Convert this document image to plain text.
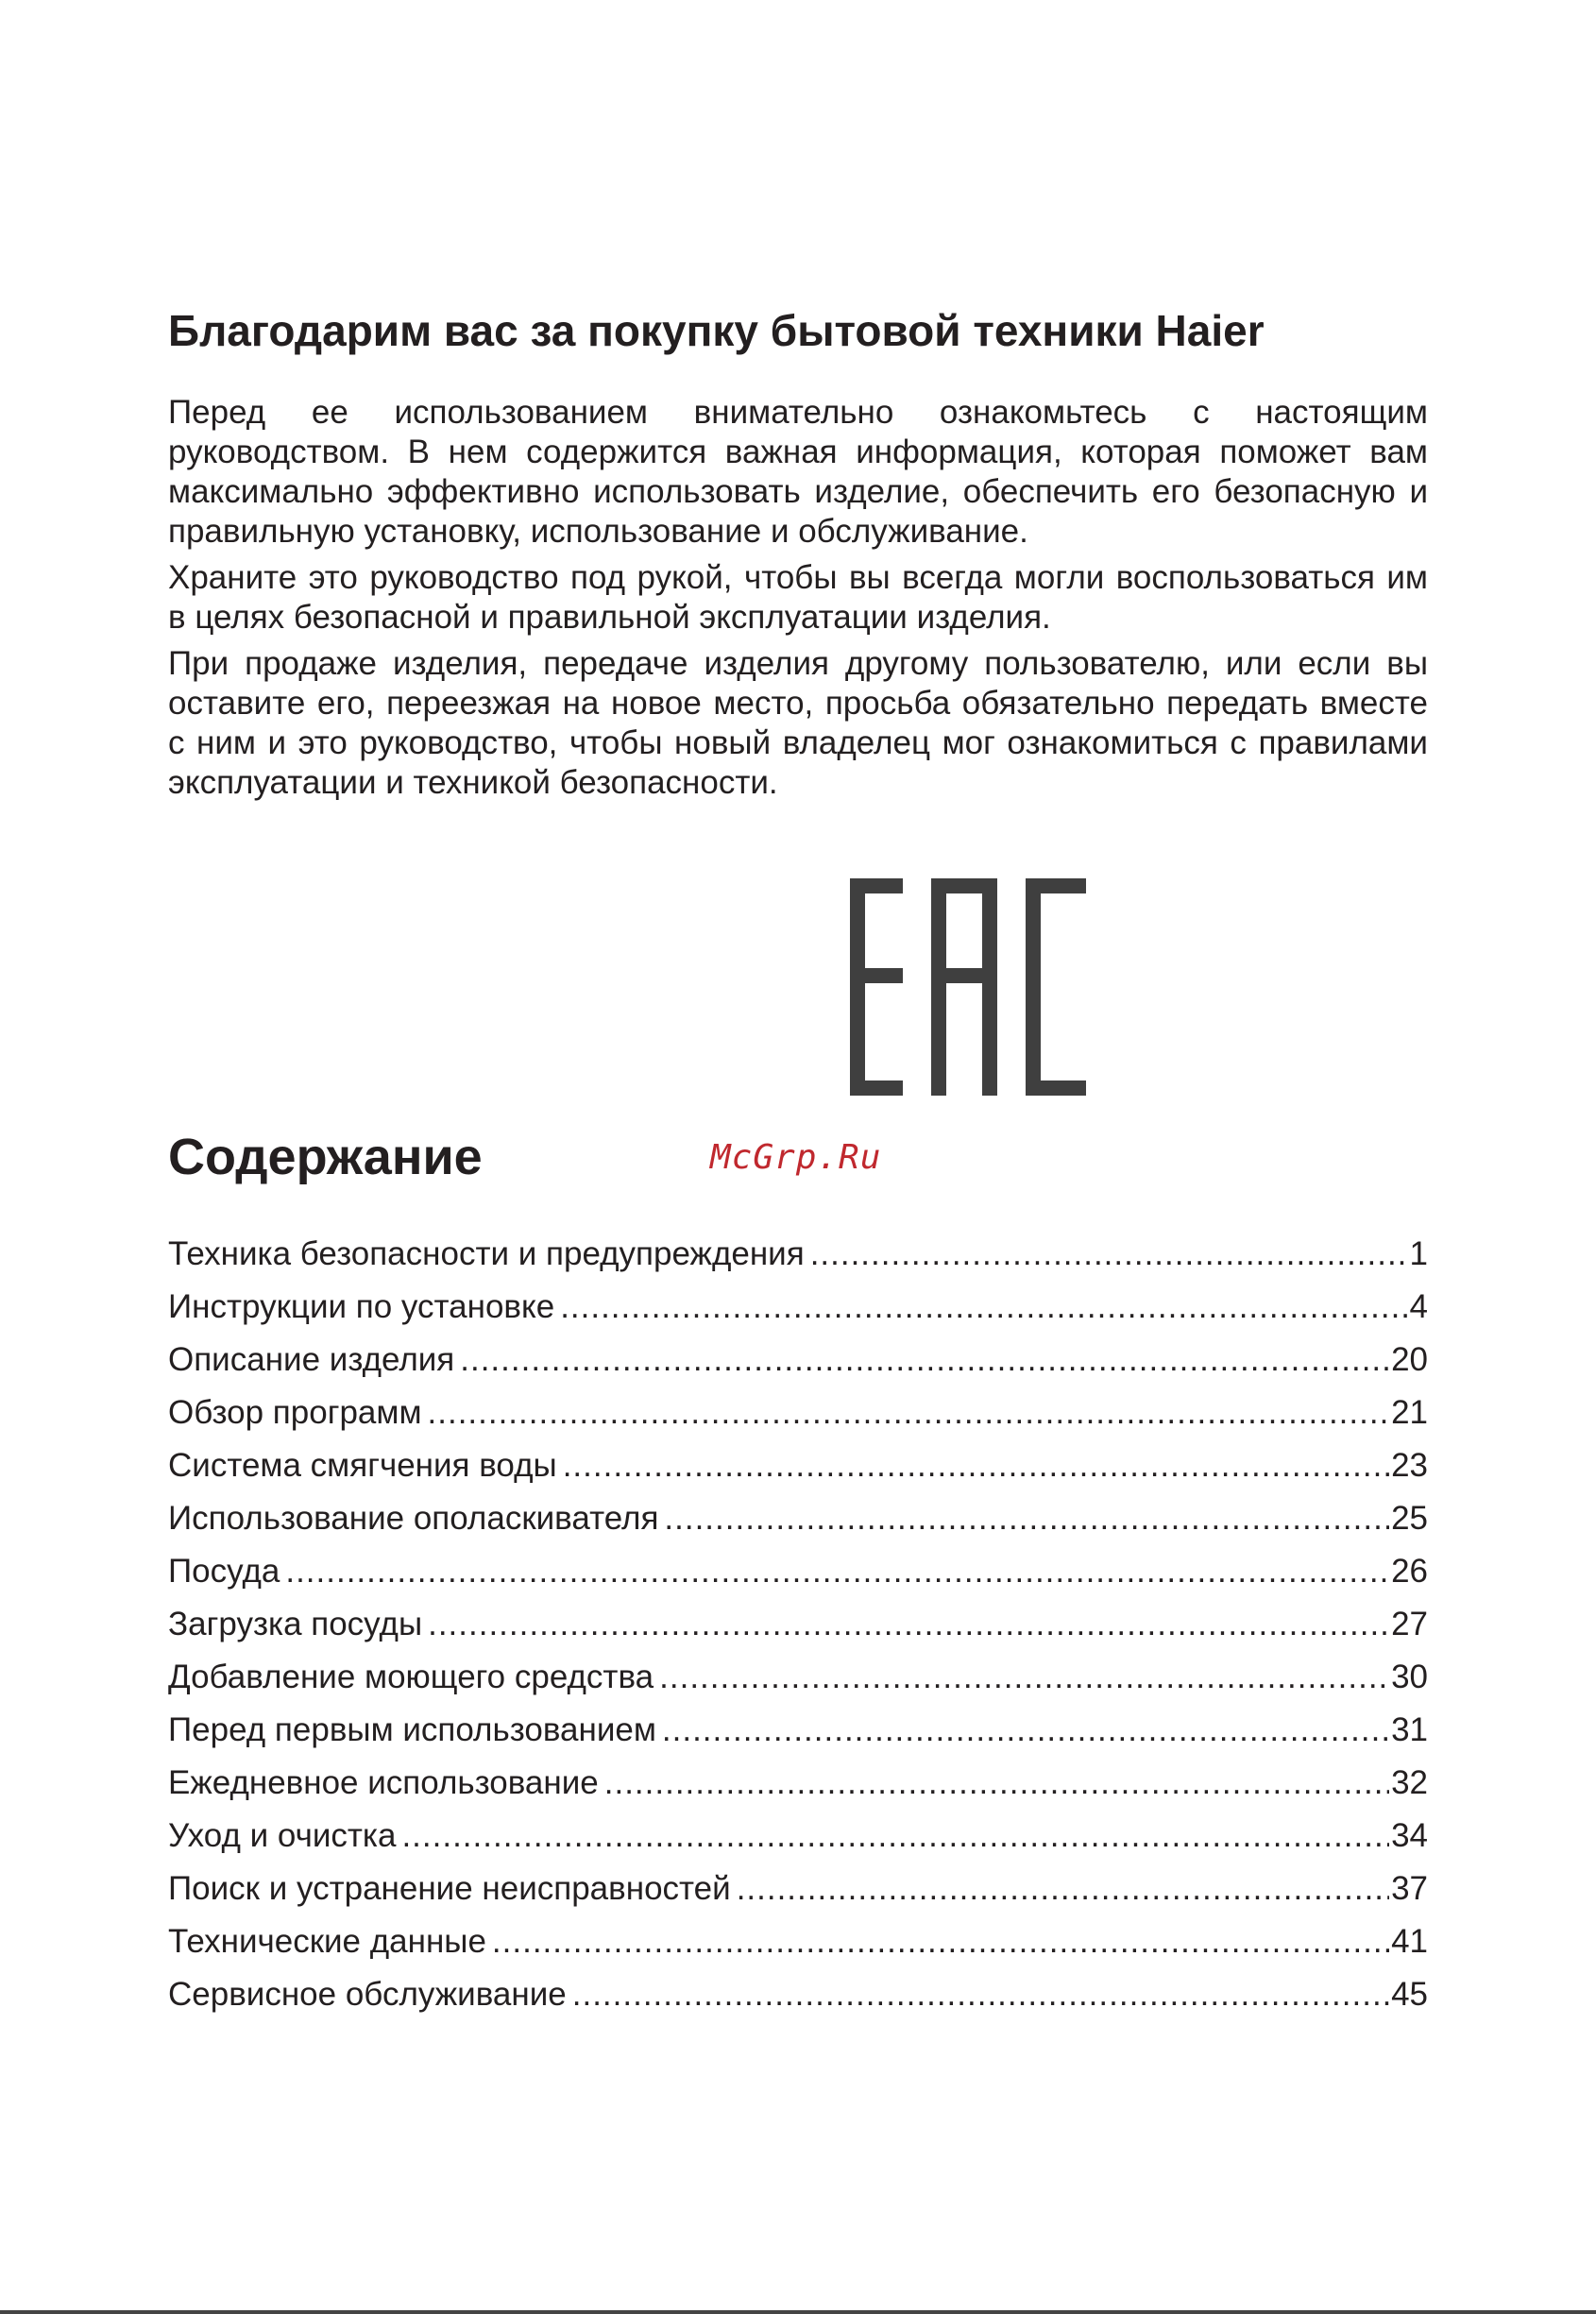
Благодарим вас за покупку бытовой техники Haier

Перед ее использованием внимательно ознакомьтесь с настоящим руководством. В нем содержится важная информация, которая поможет вам максимально эффективно использовать изделие, обеспечить его безопасную и правильную установку, использование и обслуживание.

Храните это руководство под рукой, чтобы вы всегда могли воспользоваться им в целях безопасной и правильной эксплуатации изделия.

При продаже изделия, передаче изделия другому пользователю, или если вы оставите его, переезжая на новое место, просьба обязательно передать вместе с ним и это руководство, чтобы новый владелец мог ознакомиться с правилами эксплуатации и техникой безопасности.

Содержание
Техника безопасности и предупреждения .....	1
Инструкции по установке .....	4
Описание изделия .....	20
Обзор программ .....	21
Система смягчения воды .....	23
Использование ополаскивателя .....	25
Посуда .....	26
Загрузка посуды .....	27
Добавление моющего средства .....	30
Перед первым использованием .....	31
Ежедневное использование .....	32
Уход и очистка .....	34
Поиск и устранение неисправностей .....	37
Технические данные .....	41
Сервисное обслуживание .....	45
McGrp.Ru
